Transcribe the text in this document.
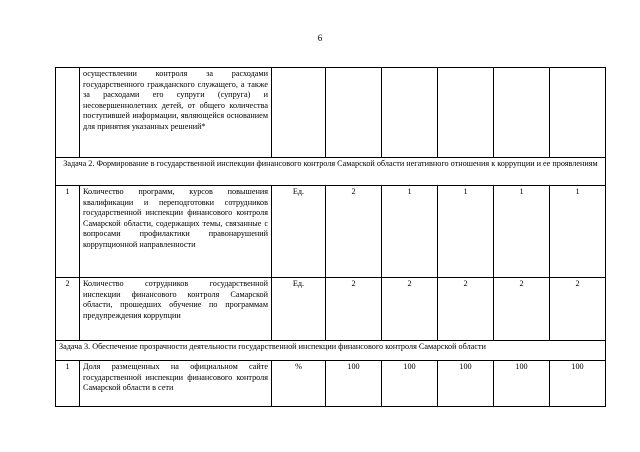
6
	осуществлении контроля за расходами государственного гражданского служащего, а также за расходами его супруги (супруга) и несовершеннолетних детей, от общего количества поступившей информации, являющейся основанием для принятия указанных решений*						
Задача 2. Формирование в государственной инспекции финансового контроля Самарской области негативного отношения к коррупции и ее проявлениям							
1	Количество программ, курсов повышения квалификации и переподготовки сотрудников государственной инспекции финансового контроля Самарской области, содержащих темы, связанные с вопросами профилактики правонарушений коррупционной направленности	Ед.	2	1	1	1	1
2	Количество сотрудников государственной инспекции финансового контроля Самарской области, прошедших обучение по программам предупреждения коррупции	Ед.	2	2	2	2	2
Задача 3. Обеспечение прозрачности деятельности государственной инспекции финансового контроля Самарской области							
1	Доля размещенных на официальном сайте государственной инспекции финансового контроля Самарской области в сети	%	100	100	100	100	100
